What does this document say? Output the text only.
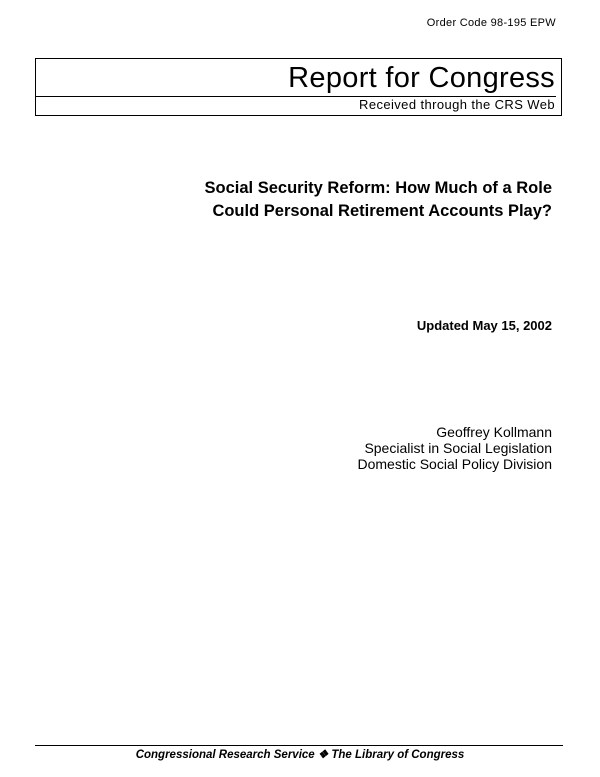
Order Code 98-195 EPW
Report for Congress
Received through the CRS Web
Social Security Reform: How Much of a Role
Could Personal Retirement Accounts Play?
Updated May 15, 2002
Geoffrey Kollmann
Specialist in Social Legislation
Domestic Social Policy Division
Congressional Research Service ❖ The Library of Congress
